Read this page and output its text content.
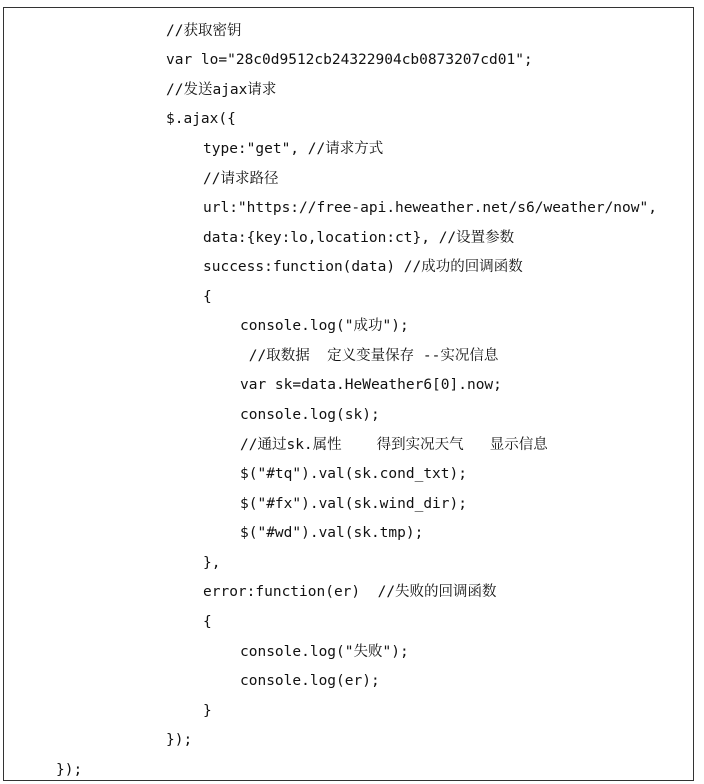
//获取密钥
var lo="28c0d9512cb24322904cb0873207cd01";
//发送ajax请求
$.ajax({
type:"get", //请求方式
//请求路径
url:"https://free-api.heweather.net/s6/weather/now",
data:{key:lo,location:ct}, //设置参数
success:function(data) //成功的回调函数
{
console.log("成功");
//取数据  定义变量保存 --实况信息
var sk=data.HeWeather6[0].now;
console.log(sk);
//通过sk.属性    得到实况天气   显示信息
$("#tq").val(sk.cond_txt);
$("#fx").val(sk.wind_dir);
$("#wd").val(sk.tmp);
},
error:function(er)  //失败的回调函数
{
console.log("失败");
console.log(er);
}
});
});
